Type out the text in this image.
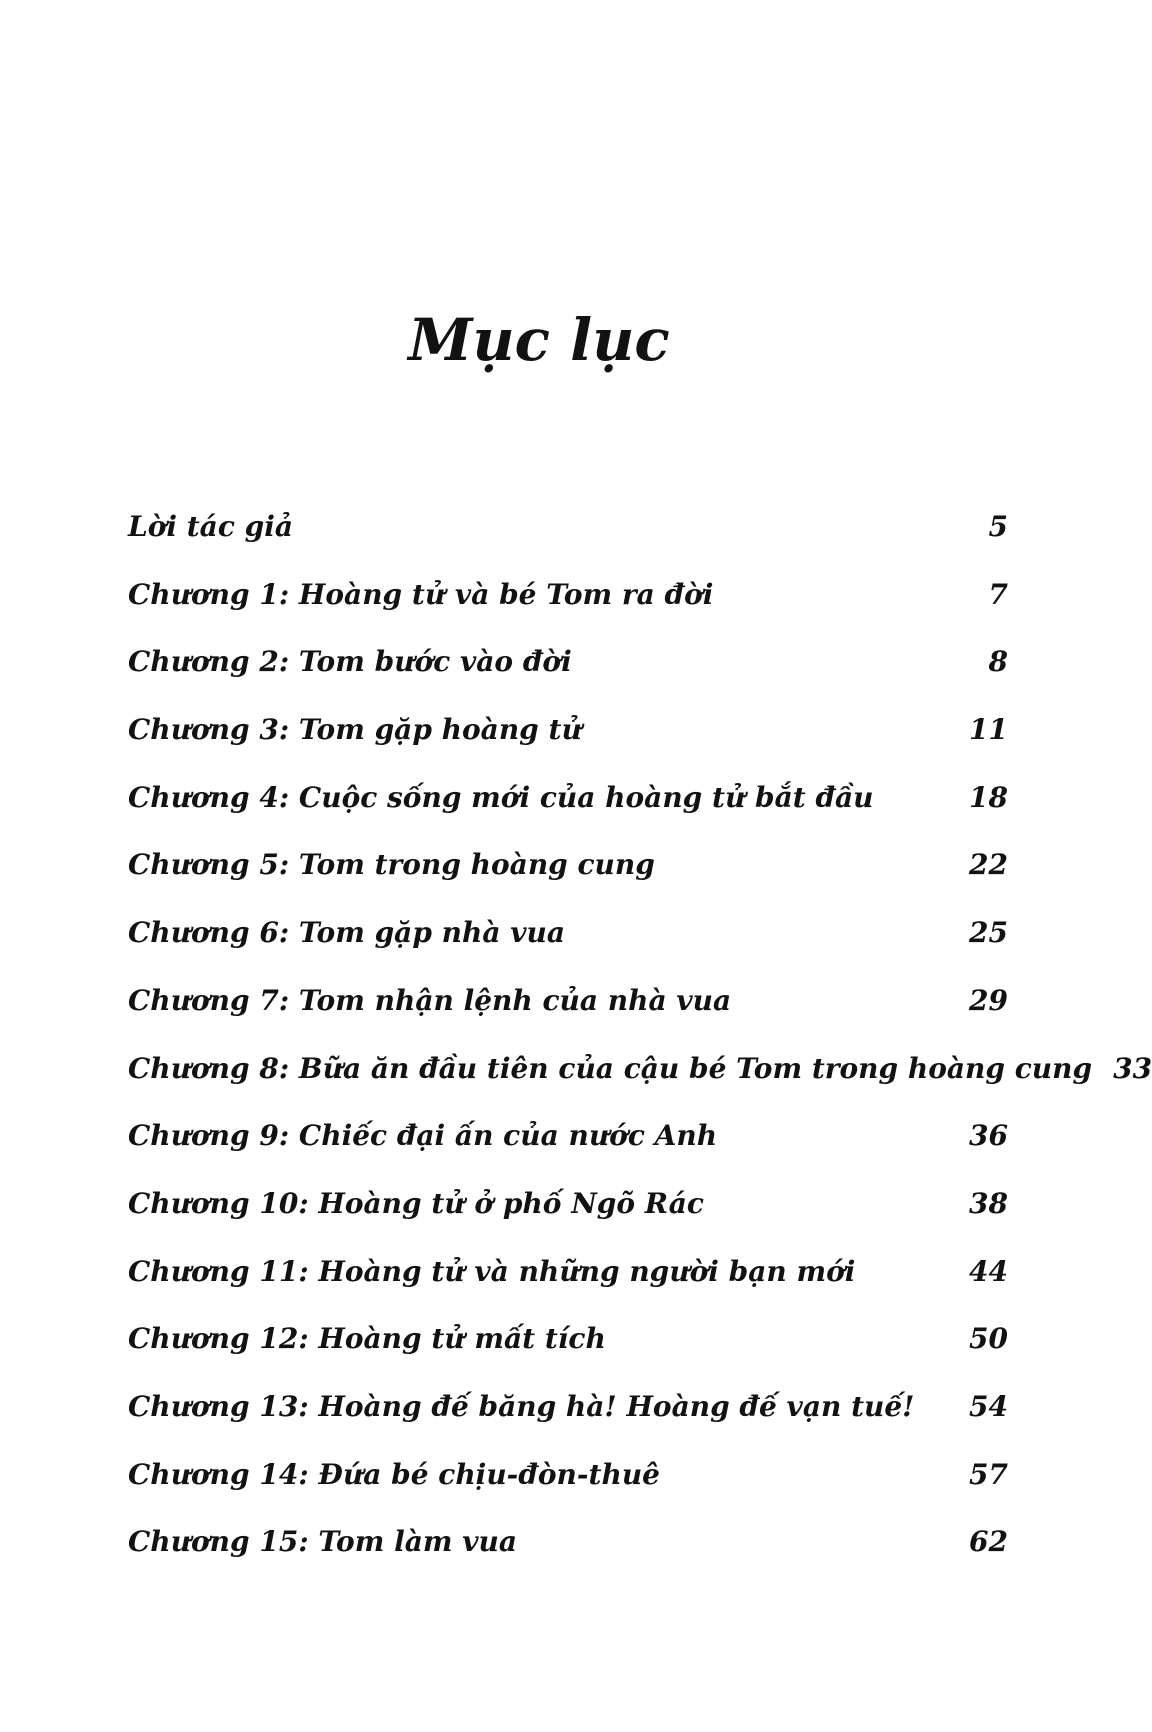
Mục lục
Lời tác giả	5
Chương 1: Hoàng tử và bé Tom ra đời	7
Chương 2: Tom bước vào đời	8
Chương 3: Tom gặp hoàng tử	11
Chương 4: Cuộc sống mới của hoàng tử bắt đầu	18
Chương 5: Tom trong hoàng cung	22
Chương 6: Tom gặp nhà vua	25
Chương 7: Tom nhận lệnh của nhà vua	29
Chương 8: Bữa ăn đầu tiên của cậu bé Tom trong hoàng cung 33
Chương 9: Chiếc đại ấn của nước Anh	36
Chương 10: Hoàng tử ở phố Ngõ Rác	38
Chương 11: Hoàng tử và những người bạn mới	44
Chương 12: Hoàng tử mất tích	50
Chương 13: Hoàng đế băng hà! Hoàng đế vạn tuế!	54
Chương 14: Đứa bé chịu-đòn-thuê	57
Chương 15: Tom làm vua	62
